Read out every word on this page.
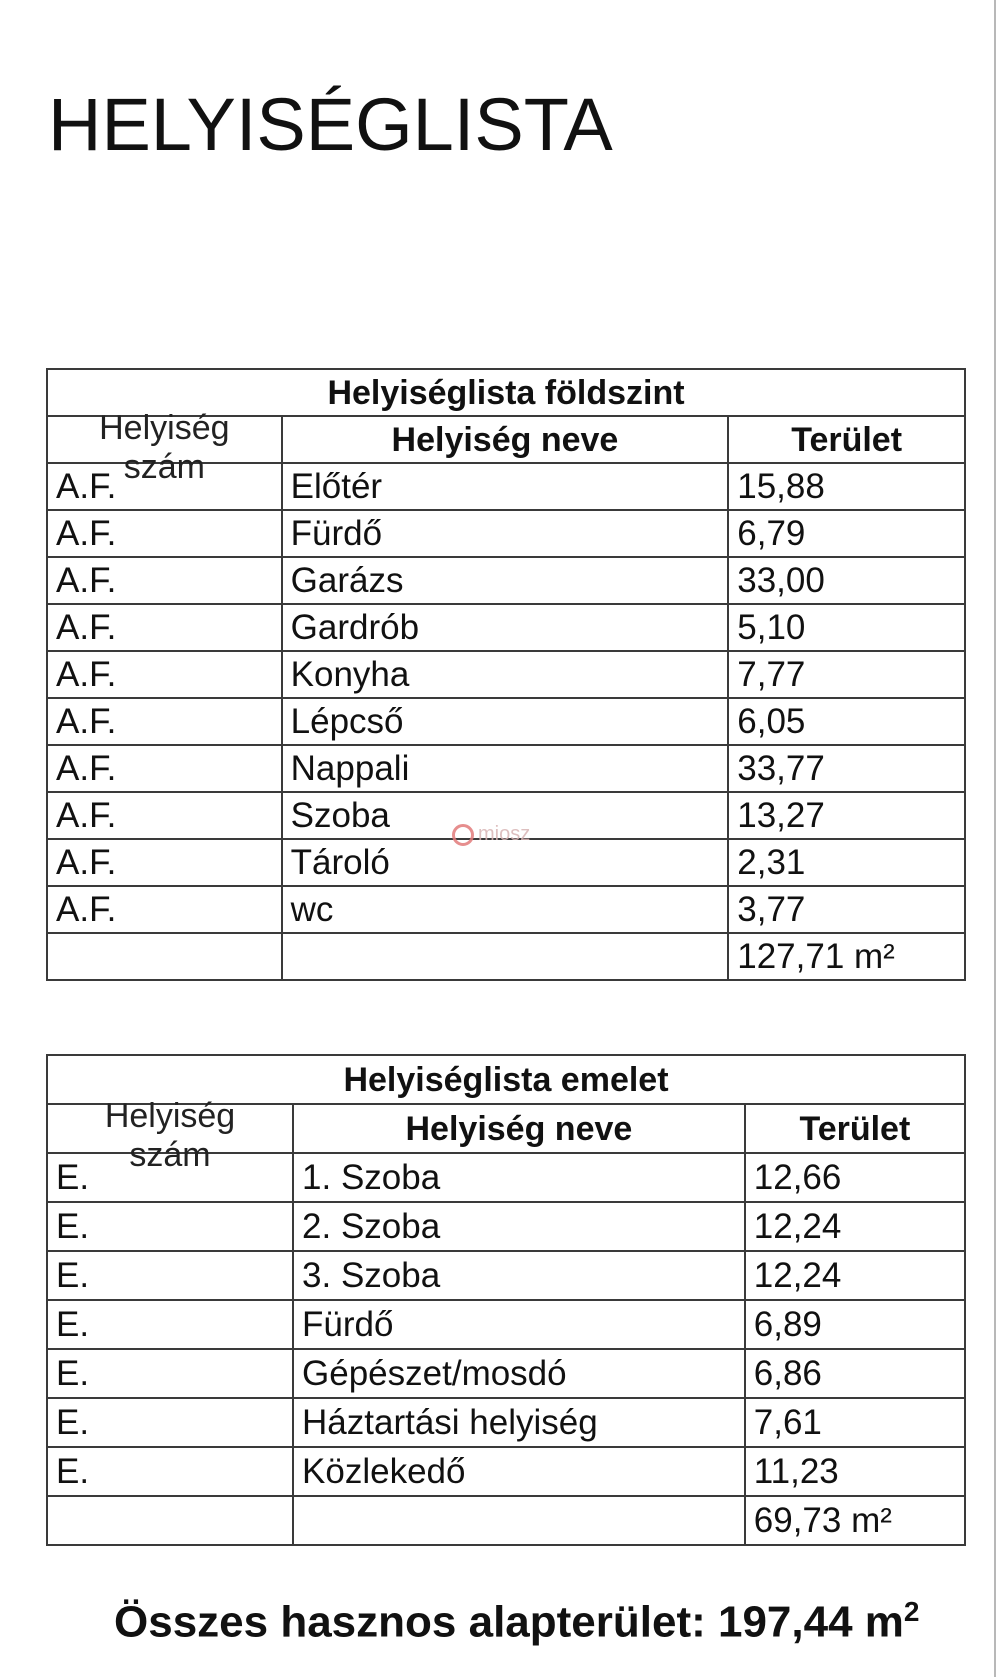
HELYISÉGLISTA
Helyiséglista földszint		

Helyiség
szám	Helyiség neve	Terület
A.F.	Előtér	15,88
A.F.	Fürdő	6,79
A.F.	Garázs	33,00
A.F.	Gardrób	5,10
A.F.	Konyha	7,77
A.F.	Lépcső	6,05
A.F.	Nappali	33,77
A.F.	Szoba	13,27
A.F.	Tároló	2,31
A.F.	wc	3,77
		127,71 m²
miosz
Helyiséglista emelet		

Helyiség
szám	Helyiség neve	Terület
E.	1. Szoba	12,66
E.	2. Szoba	12,24
E.	3. Szoba	12,24
E.	Fürdő	6,89
E.	Gépészet/mosdó	6,86
E.	Háztartási helyiség	7,61
E.	Közlekedő	11,23
		69,73 m²
Összes hasznos alapterület: 197,44 $m^2$
